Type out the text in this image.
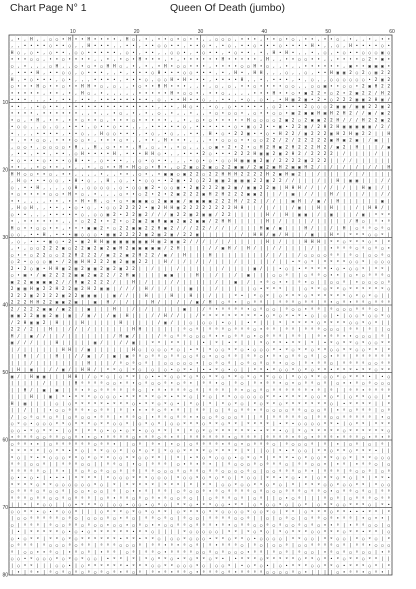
Chart Page N° 1	Queen Of Death (jumbo)
10	20	30	40	50	60
10
20
30
40
50
60
70
80
‚ • ‚ H ‚ ‚ ○ ○ • H • • H • • • • ‚ H ○ ‚ • ‚ • • ○ • ○ • • ‚ ‚ ○ ○ ○ ‚ • • • ‚ • • ○ • ○ ‚ • • ‚ • • ○ ‚ • ‚ ‚ • ‚ • •
‚ ‚ • • • • ○ • • ○ ‚ ‚ H • • • ‚ ‚ • • ‚ • • ○ ○ • • ‚ • • ○ • ‚ • ○ ‚ • • ○ • • • ○ • • • • H • ‚ ‚ ○ ‚ H • • • • ○ •
H ○ ‚ ○ • ‚ ○ • • ‚ ○ ○ • • • • • ‚ ○ • ‚ • • ‚ ‚ ○ ○ • ‚ • ○ • • ‚ • ○ • • ‚ • ‚ H • H • ‚ ‚ • ‚ ○ ‚ • ○ • • ○ ○ ○ ▣ ○
• • • ○ ○ ‚ • • ○ • • • • ‚ ‚ • ‚ • ○ • H • • • ‚ • ‚ • • • • • • H • • • • • ‚ H ‚ ‚ • • ○ ○ • • ‚ ‚ • • • • ○ 2 • ▣ •
○ ‚ • ‚ ‚ ‚ ○ H ‚ ‚ ○ • ○ • ○ H H ○ ‚ • ‚ • ‚ • H • ○ ○ • • • ‚ • • • • ○ ○ H • ○ ‚ ‚ • ‚ ‚ • • • • • • ‚ ▣ • • ▣ ▣ ▣ •
‚ • • • H ‚ • • ○ ○ ‚ ○ • • • ‚ ‚ • ‚ • • • ○ H • • • ○ ○ • • • ‚ • ‚ H • ‚ H H ‚ ‚ ‚ ○ ‚ ‚ ○ ‚ • • H ▣ ▣ 2 ○ 2 ○ ▣ 2 2
H ‚ • ○ • • • ‚ ○ • ‚ ‚ ‚ • • • • ‚ • • • ○ ‚ ○ ○ H • H • • • ‚ • • • • H ‚ ‚ • ‚ • • • ‚ • ‚ ○ ‚ ‚ ○ ○ ○ ○ ○ ○ • 2 ▣ 2
○ • • • H ○ • • ○ • • H H • ○ ‚ ○ ‚ ‚ • ○ • • H H • • • ‚ ‚ • ‚ ○ ‚ ○ ‚ • • ○ • • • • ○ ○ ‚ ‚ ○ ○ ▣ • • ○ ○ • 2 ▣ H 2 2
• • • • • ‚ • • ‚ • ‚ H ○ ‚ • ‚ ‚ ‚ ‚ ‚ • • • • • H • ○ ○ • ‚ • • ○ ‚ ‚ ‚ ‚ • • • H • • ○ • ▣ 2 2 • ○ 2 • 2 ▣ 2 2 / H 2
• • • ‚ ‚ ‚ • ‚ • • ‚ • • ‚ • • • • • • • • ‚ ○ ‚ • • H • • ○ ‚ ‚ • • ‚ • ○ ‚ ○ • ‚ • H ▣ 2 ▣ • 2 • ○ 2 2 2 ▣ ▣ 2 H ▣ /
• • ‚ ‚ • ○ • • ‚ • • • • • • • • • • • • • • ‚ • • ‚ H ○ • ‚ • ○ ‚ ○ • • • • • ‚ ○ 2 • • • 2 ○ ○ ○ 2 ▣ ▣ / ▣ ▣ 2 2 ▣ 2
• • • • ‚ • • • • • • ‚ ‚ • ‚ ‚ • ○ ‚ • ‚ • ‚ ○ ‚ • ‚ ‚ • ‚ ‚ • ○ • ○ ○ • ‚ ○ • • ○ ○ • ▣ 2 ▣ ▣ H ▣ H 2 H 2 / / ▣ / ▣ 2
• ○ ‚ • H ‚ • • ‚ • • ○ • • ○ ‚ • • • ○ • • • • • ‚ ‚ • ‚ ○ • ○ • • • • • H ○ ○ ○ ○ 2 ▣ 2 ○ 2 ▣ ▣ 2 2 H / / / H 2 2 ▣ 2
• ○ ○ ‚ ‚ ○ ‚ ○ ‚ • • • ‚ ○ • • ○ • • ‚ ‚ ‚ • • • • • ○ ‚ • • • • • • ○ • ▣ ○ 2 • • ▣ • 2 2 ▣ / 2 H 2 H ▣ ▣ ▣ ▣ ▣ / 2 /
• ‚ ‚ ‚ • • • • ‚ • • ○ ‚ ‚ H ○ ○ • • • ‚ • ○ ‚ • ○ ‚ ‚ • • ‚ H • ○ • 2 2 ▣ • • ○ • H 2 2 / ▣ 2 2 2 ▣ H 2 H ▣ 2 2 | | H
• ‚ • • ○ ○ ‚ • • • ○ ○ • ‚ • • • ○ • ‚ ‚ • • ‚ H • • • ‚ ‚ ‚ • • ○ ○ ○ • • ○ ○ 2 2 / 2 / 2 2 2 2 2 ▣ H ▣ 2 ▣ | / ▣ | |
‚ ○ ○ • ‚ ○ ○ ○ ○ • H ‚ ‚ H ‚ ○ • • • ‚ H ‚ ○ ‚ • ‚ • ○ ‚ ‚ ‚ ○ ▣ • 2 • 2 • ○ H 2 H ▣ 2 H 2 2 2 H 2 / ▣ 2 | H | | | / ▣
‚ • • ‚ • • ‚ • • ‚ ○ H • • • • H ‚ • • • H H ○ • ‚ ‚ • • • 2 ○ • • • 2 2 2 H ▣ ▣ 2 ▣ 2 H 2 / 2 2 2 2 | / | | | | / | |
• ○ • • • ○ • • • ○ H • • ‚ ○ • • • ‚ ‚ ○ • ○ • • ‚ ‚ ‚ • ○ • ○ • ○ ○ H ▣ ▣ ▣ 2 ▣ / 2 2 2 2 ▣ 2 2 2 | | / / | | | | | |
• • ‚ ‚ • ○ • • ‚ • ‚ ‚ • ‚ ○ • • H • H ○ ○ • H • ‚ ○ 2 ▣ ○ 2 ▣ ○ 2 2 ▣ ▣ / 2 ▣ 2 ▣ H 2 ▣ ▣ H 2 / | / | / | / | / / | H
H H ○ ○ • • ○ ‚ • • ‚ ‚ ‚ ‚ • ‚ ‚ • • ‚ ○ • ‚ • ▣ ▣ ○ ▣ 2 2 ○ 2 2 H H H 2 2 2 2 H 2 ▣ H ▣ 2 | | / | | | | / | / | | | |
‚ H ○ • • • ○ ○ ‚ • H • ○ ‚ ‚ H ‚ ○ ‚ • • ○ ○ • • 2 ▣ • 2 ○ 2 2 ▣ ▣ 2 ▣ ▣ ▣ 2 2 ▣ 2 2 / / | | | / | | H | ▣ ▣ | | | / /
○ ‚ • • H ‚ ‚ ‚ ‚ ○ H ‚ ○ ○ ○ ○ ‚ ○ • ○ ○ ▣ 2 • ○ ○ ▣ • 2 ▣ 2 2 2 ▣ 2 ▣ / ▣ ▣ 2 2 ▣ | H H H / / | / / | / | | H ▣ | / |
• ○ • • • • ○ ○ • H • ○ ‚ • ‚ ‚ ‚ ○ • • ○ 2 • 2 • 2 ▣ 2 2 2 ▣ H 2 H 2 2 2 ▣ ▣ 2 | | / | ▣ | / / | | H / | | | / | | / /
• • ‚ ‚ ‚ ‚ • • ‚ • • H • H ‚ ○ • ○ • ▣ ▣ ▣ ○ 2 ▣ ▣ ▣ / ▣ ▣ ▣ ▣ 2 2 2 H / 2 2 | / / | | ▣ H | / ▣ / | H | | | | | | ▣ |
‚ H ○ H ‚ ‚ • • ‚ • ○ • ○ ‚ • ○ ○ 2 2 2 2 • ▣ 2 H H ▣ 2 2 2 2 2 2 2 2 H H | | / | / | | / ▣ | | H | H | | | / | H H / |
○ • • ‚ ‚ ‚ • • • • • ○ ‚ ○ ○ ▣ 2 • 2 2 ▣ 2 / / / ▣ 2 2 ▣ 2 ▣ ▣ / 2 2 | | | | | H / | H | ▣ ▣ | / | ▣ | | | / ▣ | º º º
• ‚ • • • • • • ‚ ‚ • ○ 2 2 • • 2 • ○ 2 ▣ 2 ▣ H ▣ ▣ 2 ▣ 2 ▣ ▣ / 2 H H | | | | | H | / | | | | / | | | | | / H ○ | º • º
H ○ • • ○ ○ • • ‚ • • • ▣ ▣ 2 • ○ 2 2 ▣ ▣ 2 2 H ▣ 2 / / / 2 2 / / / | / | | | H ▣ / ▣ | | | H / | | / | H | ○ º º ○ º ○
○ ○ ‚ • • H ‚ • • • ▣ ○ ○ ○ • ▣ ▣ 2 2 2 2 ▣ 2 ▣ 2 ▣ / 2 2 ▣ | | | | | | / | H H / ▣ / H | | / ▣ | | H º | º º º ○ ○ º |
‚ ○ ‚ • • • ▣ ○ • 2 • ▣ 2 H H ▣ ▣ ▣ ▣ ▣ ▣ ▣ H ▣ 2 ▣ ▣ 2 / / / | / | / | | | | | H | / | | | H H H | º º ○ º º º ○ º | º
‚ • ‚ ○ ○ 2 2 2 ▣ ○ 2 2 ▣ 2 ▣ 2 ▣ H 2 ▣ ▣ ▣ ▣ ▣ / 2 H | | | | / / ▣ H / | H / | | / / | | | | / | | • º º º ○ º ○ º ○ •
○ • • ○ 2 2 ○ ○ 2 2 H 2 2 2 / ▣ 2 2 ▣ 2 H 2 2 / ▣ / | H | | | H | | | | | | | | / | / | | / ○ ○ ○ ○ º º | º ○ | ○ ○ º ○
○ 2 • ○ ○ ○ ▣ • / 2 ▣ H H 2 2 2 ▣ 2 ▣ ▣ 2 2 | | H / | / | / | / | | | / | | | | | / | | • º ○ º | º º º º ○ ○ º | ○ ○ ○
2 • 2 ○ ▣ • H H ▣ 2 ▣ 2 ▣ ▣ 2 ▣ 2 ▣ 2 2 | | / | | | / | | | | | | / | | | | ▣ / | | • ○ | • º º º º • ○ • ○ ○ º | º º |
○ • ▣ • / ▣ 2 2 2 2 ▣ ▣ 2 ▣ 2 2 / 2 H ▣ | | | | ▣ ▣ | | | H | | / | | / | ▣ | | | ○ ○ º | | ○ º º ○ • • | ○ • ○ º º º ○
▣ 2 2 ▣ ▣ ▣ ▣ 2 / / H ▣ 2 2 2 2 / | | H | / | | | / / | | | | | / | | ▣ | / | • º ○ • • | º • ○ | | ○ ○ º | • ○ ○ ○ ○ º
2 ▣ ▣ H ▣ 2 2 H 2 2 ▣ 2 H 2 ▣ ▣ | / / / | H / | / | | | ▣ | | | / | | | | | ○ • º º º | | | ○ º º ○ º º ○ º º º º º º ○
2 2 2 ▣ 2 2 2 2 ▣ 2 2 ▣ ▣ ▣ | | ▣ / / | | H | | | H | | H | | / | | | º • | º ○ º | ○ º º º ○ º º º º º º ○ º ○ º ○ | |
2 2 2 H H 2 2 ▣ ▣ 2 ▣ | | ▣ | H / | / | | | H / | | / | / ▣ / H | ○ º • | ○ º º | | º º º ○ º º | º • ○ º • º º ○ º º º
2 / 2 2 2 ▣ ▣ / ▣ 2 | | ▣ | | | H | | / | / | | | | | ▣ | | / º • º º º º • ○ º ○ ○ | º ○ ○ • º º | º ○ ○ ○ º º º ○ | |
▣ ▣ 2 2 ▣ ▣ 2 ▣ | ▣ | / ▣ / | / ▣ | H | | | / / H / / | | / º º º º º º º º º • ○ º ○ º • º • ○ | ○ | • | ○ ○ º ○ ○ º ○
/ 2 H ▣ ▣ 2 | H | | | H | | | | | H | | | | | / ▣ / | | ○ | ○ ○ | • ○ | | • º | | | º | º º º º ○ º º º º ○ ○ º ○ º | |
2 2 / 2 | | H | | / / | / | | | | | | H H | | | | | | º ○ º | º º º ○ º º º ○ • º º | º º | º º º ○ ○ ○ | º º | º | | ○
H / | ▣ / / | | / | | | | | | | / H ▣ / | | | / º ○ º º ○ ○ ○ º • • ○ º º ○ • ○ º º º | º º | | º • º º • • ○ ○ ○ | º |
▣ / / / | | | H | | | | | ▣ / | | / / ▣ | | º º | º º | | | • | º | • º | | | º ○ º º • º º | º | • º ○ º º ○ º ○ ○ º º
| / | | | | | | H H | / ▣ | | | | | | H ○ | ○ ○ ○ º ○ | • º | º ○ ○ º º ○ • ○ ○ ○ º • º ○ º º ○ º º ○ ○ º º ○ ○ º º | º
| | H | / | | H | | / / ▣ | / | ▣ | ▣ º º ○ º º ○ º º ○ ○ º ○ • ○ ○ º º | º º ○ • º • ○ º º ○ º | ○ • º º | º º º º º º
| | | / | | | | | | | | H | | | / º ○ º ○ º | | ○ ○ ○ ○ ○ • | ○ º ○ º | ○ º ○ º ○ º • ○ ○ | º • º º ○ | º º º º ○ ○ º º
| H | ▣ | | / / ▣ / | H H / | º º ○ | º ○ | ○ | ○ • ○ º • | • • º ○ • ○ | | º º • º ○ ○ º ○ º ○ º º • º º º • º º ○ º º
▣ / | H ▣ ▣ | | | H H | / ○ º ○ | ○ º º | ○ • • º ○ ○ º ○ º ○ º º ○ º º ○ º ○ º º ○ ○ | º ○ ○ º º ○ ○ º ○ º º º • | • ○
| | | | | / | | | | H º º º º ○ ○ • º • ○ º ○ ○ º • ○ º • | º º • ○ | º ○ | º • º º • ○ • ○ º º ○ º | ○ • • º ○ º ○ ○ ○
| | H / | ▣ | ▣ | | º • º ○ º º º º | º ○ | • º • º º º ○ º | º º º | º • ○ ○ º ○ º º º º º º • º | º | | º º • º º º º
| | | H | | ▣ | º • º º º ○ ○ ○ ○ • º º º º º ○ º • º º ○ | º ○ | º º ○ ○ ○ ○ ○ º º • º º º º ○ ○ º ○ º | ○ º º ○ ○ | º
H | ▣ | | | | ○ | ○ º º º º º • º º º ○ • º º ○ º ○ • | º ○ | º | º ○ º ○ | º ○ º º ○ º º º º º º º ○ | • º º º º | | º
| | / | | | • ○ ○ º º º • ○ º º | º | • • • º ○ º • º | | º º | ○ | º ○ º º • º ○ ○ ○ ○ º º ○ ○ ○ º | • º ○ º º º | ○ º
/ | ○ º ○ º ○ º | ○ º ○ ○ • º º | • º º ○ | • º º ○ º º • • ○ ○ º ○ ○ ○ º | | º | º º º º º ○ | º º ○ ○ º º º º º | • ○
○ º ○ • ○ ○ ○ º º ○ º º º ○ º º ○ ○ º | ○ º ○ º | ○ ○ º º º ○ º º ○ º º | º º º º | • º • ○ ○ ○ ○ º º • | ○ º º | º º º
○ ○ • º ○ º º • | ○ º | º º ○ • ○ • ○ º • ○ ○ º º | º | º ○ º ○ º º º º º º • • º º • ○ | º ○ º º º º º ○ º º º º º º ○
• º º º ○ ○ º º ○ ○ º • • ○ • º º º º ○ • º º ○ º • º | º º º º º º • ○ º º º | º º º º • º ○ • º º º • º º º ○ • º • º
○ º º • • | ○ º º º º º º ○ º º • | | ○ º | º • | • ○ | ○ º º º º • º ○ • ○ º º º ○ | º ○ ○ ○ º | º | • | ○ º | ○ | º |
º º º º º | ○ º º • º ○ | º º ○ ○ º | ○ º ○ º | º ○ ○ º º º º ○ º º º º | º | | ○ | º • º ○ ○ | º º ○ º º ○ º º º • | |
º ○ | º • º ○ ○ ○ º º ○ º ○ º º ○ ○ º º ○ ○ º º | | º | • º ○ º ○ ○ ○ • ○ º ○ º | º º º • ○ º ○ ○ º º ○ ○ º | º º ○ ○ ○
º º | ○ ○ º | | º º º ○ ○ | | º º ○ | • ○ | º º º | ○ • º • º • | | º ○ ○ ○ º ○ º º º ○ | º º ○ ○ • | • º | • º º ○ | ○
º º º º º ○ | º • | º ○ º ○ º ○ ○ º | º | º º ○ ○ ○ º ○ º º ○ º º ○ ○ ○ ○ º ○ | ○ ○ º º º ○ º • | º º º | º ○ ○ º | ○ º
○ • • ○ • | • • • | º º º º | º ○ ○ ○ º º º ○ ○ ○ | º ○ ○ º ○ º ○ º ○ | º ○ ○ | º º • º ○ • º | ○ º º ○ º ○ | º | º º •
º º º º ○ º º ○ ○ ○ ○ ○ ○ º ○ | º | º º º º º | º º º | º | º º | ○ ○ º ○ ○ º º ○ º ○ | º | º º º ○ ○ º ○ ○ º º | º ○ ○
○ º º º ○ º ○ ○ º | ○ ○ • ○ ○ | º | ○ • • º | º º | ○ º ○ ○ º • º ○ º º º º ○ º ○ ○ ○ º º º ○ º º ○ • ○ º º ○ º ○ | º º
º º º ○ º º ○ ○ º ○ º º º | ○ º • º º ○ º ○ º • º ○ ○ º ○ | | ○ º º º ○ º | ○ º | | ○ • ○ º | | | º ○ º | ○ º º º ○ º º
| | º | º ○ ○ | | ○ • º º º ○ | ○ ○ • ○ ○ • ○ º ○ | º º ○ • º º ○ ○ • º º | ○ º ○ ○ º ○ | ○ º | ○ º º ○ ○ º º º ○ | º •
○ ○ º º • ○ • º ○ ○ º | | | ○ º º º ○ º ○ º ○ º º | ○ º º º ○ º º ○ ○ ○ ○ º ○ ○ º ○ | º º | ○ º º º ○ º º • • • º º | º
| ○ ○ º º º º º ○ º ○ | ○ ○ ○ º ○ • º ○ | º º ○ º ○ | º ○ ○ | º º º º ○ ○ º | | ○ | ○ º ○ | ○ º º ○ º • º º | • ○ • • |
○ | º º º | º ○ ○ º º ○ º ○ ○ • ○ ○ • ○ º ○ • • ○ ○ º º ○ º º º • º • ○ º º ○ ○ º ○ º ○ ○ º ○ º ○ • • º | • º º ○ ○ | ○
| • | º º º º º ○ • ○ • ○ º º º º º º • º º ○ | | | | º ○ ○ ○ ○ ○ | º º | º ○ º ○ | º ○ º º º ○ ○ º º º ○ º º • º º | ○
○ • ○ º º | º º ○ º ○ º º º º º º • º º • º º ○ | ○ ○ º ○ ○ ○ • º º ○ º º ○ • ○ ○ ○ ○ | º º ○ ○ | º º ○ ○ | º ○ º ○ | º
○ º º º | º ○ ○ ○ º ○ º º | º º º ○ ○ ○ º | º º • º • º ○ º | º • º º º ○ | º ○ | ○ ○ º | ○ ○ º º º º ○ º | º º • ○ ○ ○
º | ○ ○ • • º ○ | • º ○ º | • º º | ○ º | º º ○ • º º º º ○ ○ º ○ º ○ ○ ○ • º º | º ○ º | º ○ ○ | • º ○ º ○ º ○ ○ | • º
○ ○ • º ○ ○ ○ º ○ º ○ º ○ ○ | • º º | º | º ○ º º ○ • º ○ º º ○ º • | • º º º ○ º º º º º ○ º º ○ º • º ○ º º ○ º º | |
| ○ º º | | | ○ ○ • | ○ º º º º º º • º º º ○ ○ º º ○ ○ ○ º ○ | ○ ○ º | • ○ º ○ • | ○ • º º º ○ ○ º º ○ • º º º ○ º | º
| • | º • | º ○ º ○ º ○ º ○ º ○ º • º ○ º | º • º • º º ○ • º º º ○ º • º º º º ○ ○ ○ ○ º ○ • | | | | ○ • º º • ○ º • |
